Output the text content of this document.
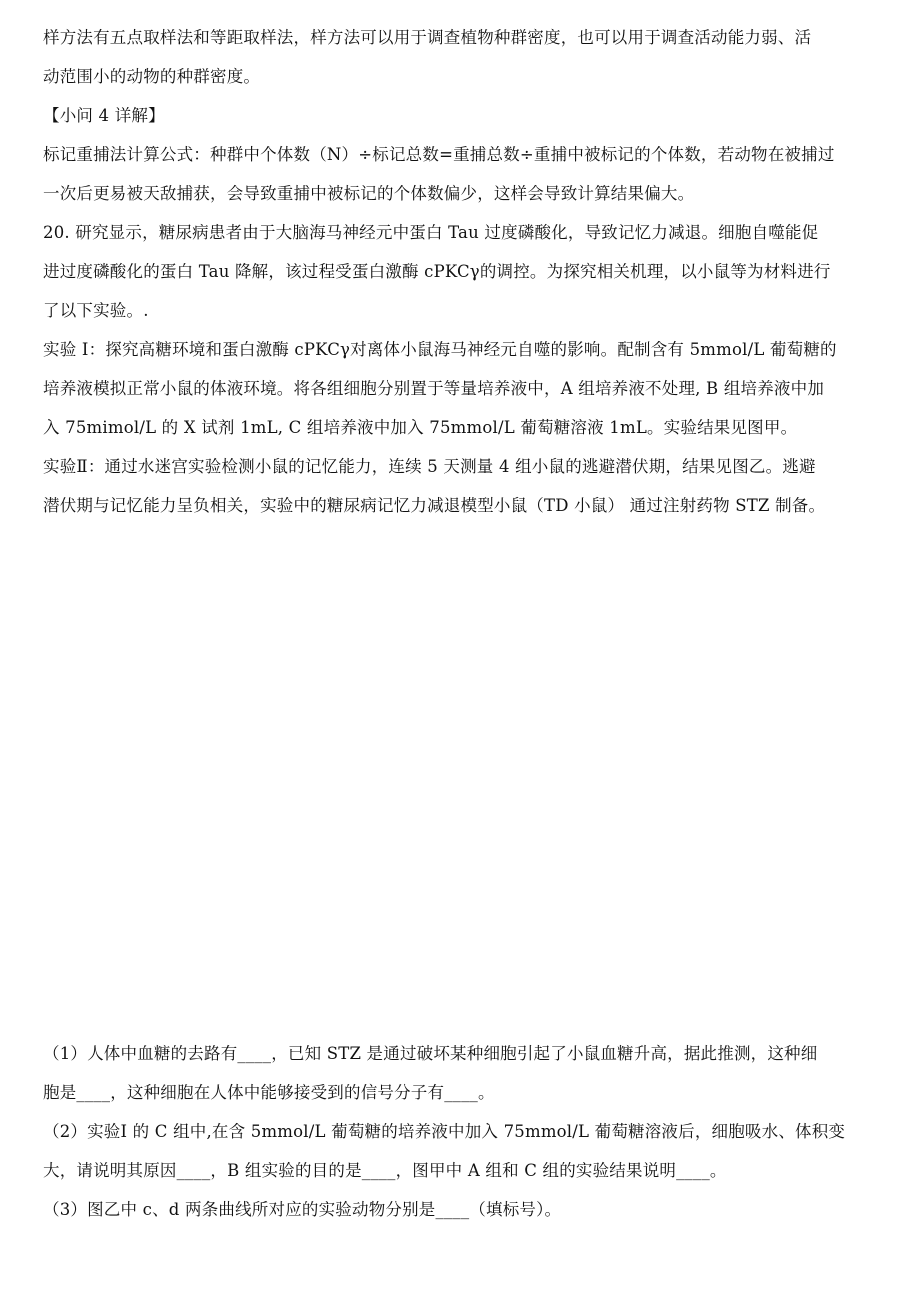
样方法有五点取样法和等距取样法，样方法可以用于调查植物种群密度，也可以用于调查活动能力弱、活
动范围小的动物的种群密度。
【小问 4 详解】
标记重捕法计算公式：种群中个体数（N）÷标记总数=重捕总数÷重捕中被标记的个体数，若动物在被捕过
一次后更易被天敌捕获，会导致重捕中被标记的个体数偏少，这样会导致计算结果偏大。
20. 研究显示，糖尿病患者由于大脑海马神经元中蛋白 Tau 过度磷酸化，导致记忆力减退。细胞自噬能促
进过度磷酸化的蛋白 Tau 降解，该过程受蛋白激酶 cPKCγ的调控。为探究相关机理，以小鼠等为材料进行
了以下实验。.
实验 I：探究高糖环境和蛋白激酶 cPKCγ对离体小鼠海马神经元自噬的影响。配制含有 5mmol/L 葡萄糖的
培养液模拟正常小鼠的体液环境。将各组细胞分别置于等量培养液中，A 组培养液不处理, B 组培养液中加
入 75mimol/L 的 X 试剂 1mL, C 组培养液中加入 75mmol/L 葡萄糖溶液 1mL。实验结果见图甲。
实验Ⅱ：通过水迷宫实验检测小鼠的记忆能力，连续 5 天测量 4 组小鼠的逃避潜伏期，结果见图乙。逃避
潜伏期与记忆能力呈负相关，实验中的糖尿病记忆力减退模型小鼠（TD 小鼠） 通过注射药物 STZ 制备。
（1）人体中血糖的去路有____，已知 STZ 是通过破坏某种细胞引起了小鼠血糖升高，据此推测，这种细
胞是____，这种细胞在人体中能够接受到的信号分子有____。
（2）实验I 的 C 组中,在含 5mmol/L 葡萄糖的培养液中加入 75mmol/L 葡萄糖溶液后，细胞吸水、体积变
大，请说明其原因____，B 组实验的目的是____，图甲中 A 组和 C 组的实验结果说明____。
（3）图乙中 c、d 两条曲线所对应的实验动物分别是____（填标号）。
